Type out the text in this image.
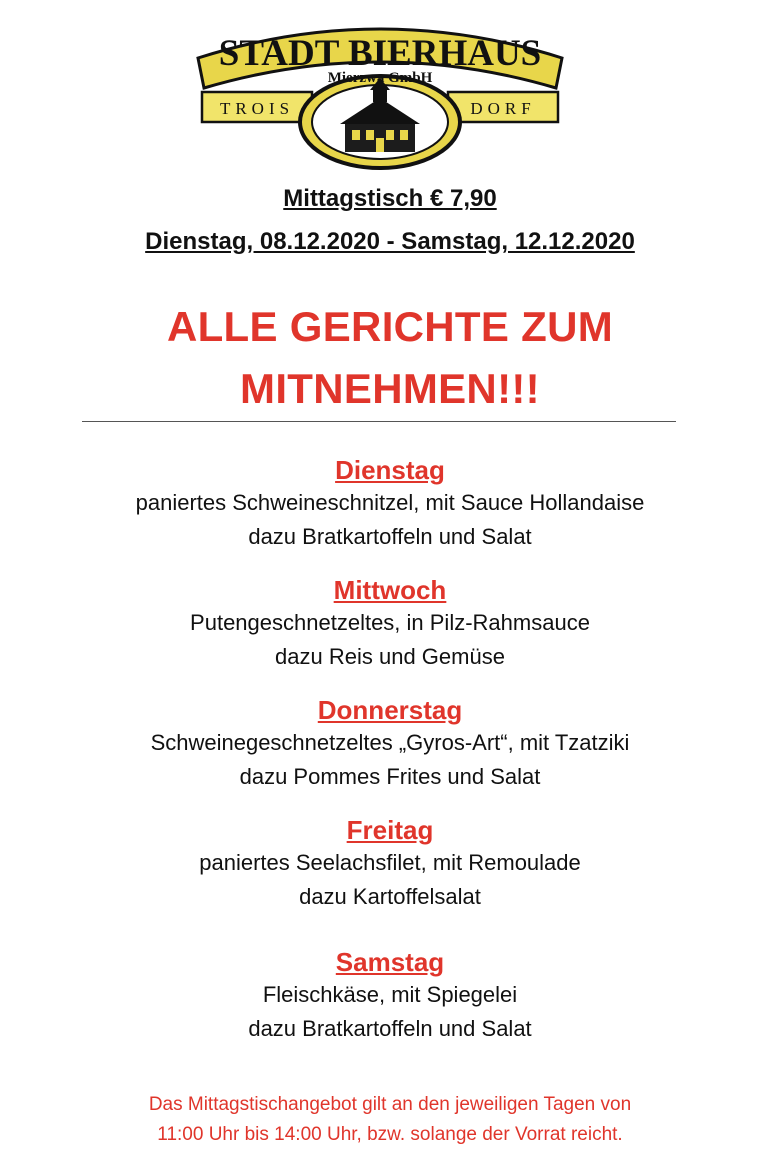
STADT BIERHAUS
Mierzwa GmbH
TROIS	DORF
Mittagstisch € 7,90
Dienstag, 08.12.2020 - Samstag, 12.12.2020
ALLE GERICHTE ZUM
MITNEHMEN!!!
Dienstag
paniertes Schweineschnitzel, mit Sauce Hollandaise
dazu Bratkartoffeln und Salat
Mittwoch
Putengeschnetzeltes, in Pilz-Rahmsauce
dazu Reis und Gemüse
Donnerstag
Schweinegeschnetzeltes „Gyros-Art“, mit Tzatziki
dazu Pommes Frites und Salat
Freitag
paniertes Seelachsfilet, mit Remoulade
dazu Kartoffelsalat
Samstag
Fleischkäse, mit Spiegelei
dazu Bratkartoffeln und Salat
Das Mittagstischangebot gilt an den jeweiligen Tagen von
11:00 Uhr bis 14:00 Uhr, bzw. solange der Vorrat reicht.
